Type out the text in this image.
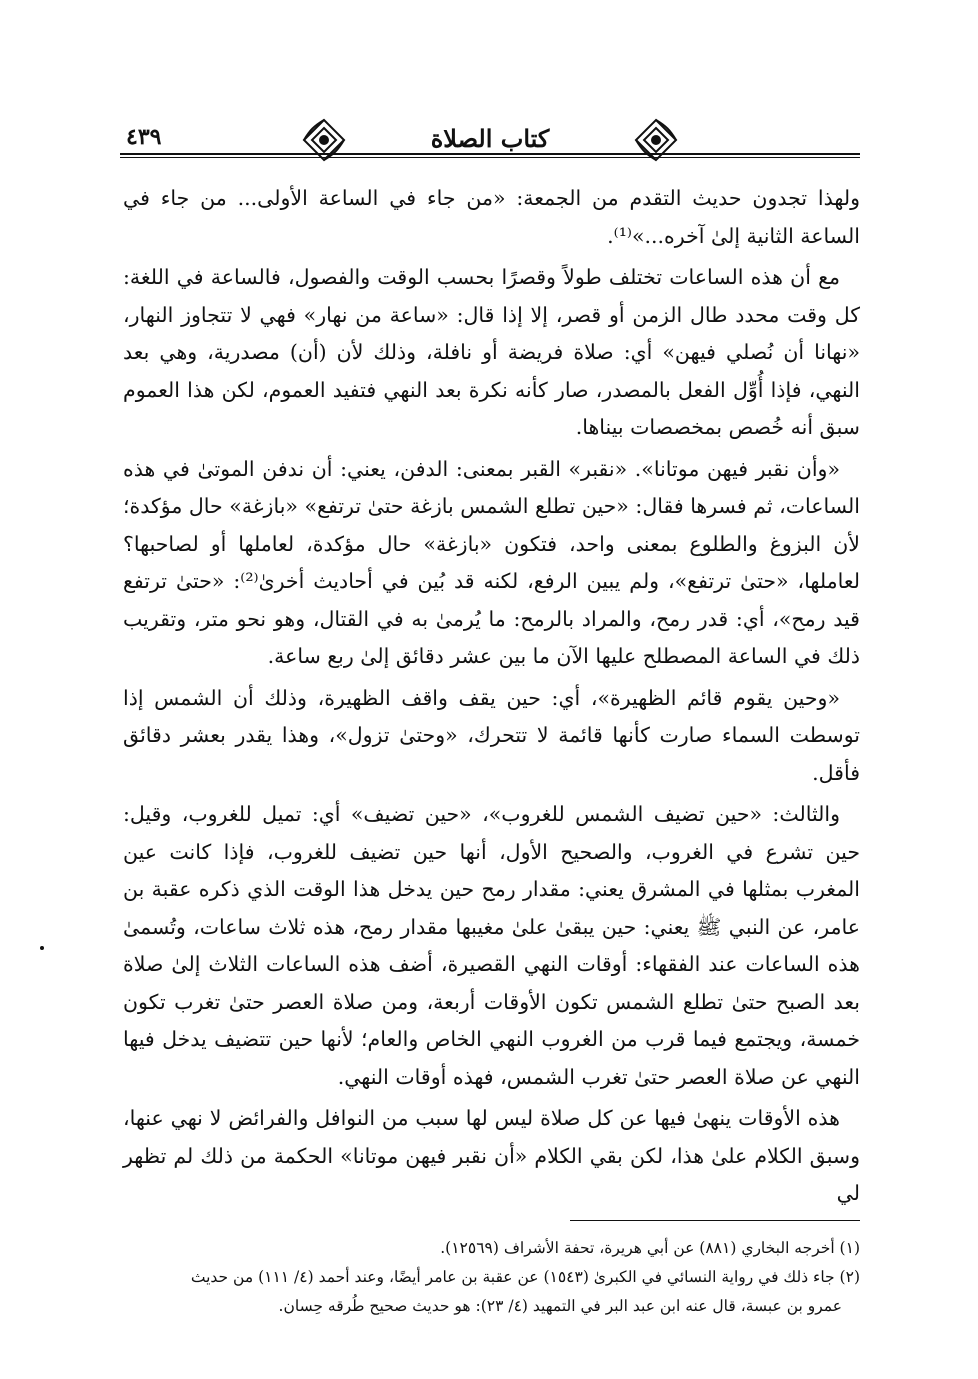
٤٣٩	كتاب الصلاة

ولهذا تجدون حديث التقدم من الجمعة: «من جاء في الساعة الأولى... من جاء في الساعة الثانية إلىٰ آخره...»⁽¹⁾.

مع أن هذه الساعات تختلف طولاً وقصرًا بحسب الوقت والفصول، فالساعة في اللغة: كل وقت محدد طال الزمن أو قصر، إلا إذا قال: «ساعة من نهار» فهي لا تتجاوز النهار، «نهانا أن نُصلي فيهن» أي: صلاة فريضة أو نافلة، وذلك لأن (أن) مصدرية، وهي بعد النهي، فإذا أُوِّل الفعل بالمصدر، صار كأنه نكرة بعد النهي فتفيد العموم، لكن هذا العموم سبق أنه خُصص بمخصصات بيناها.

«وأن نقبر فيهن موتانا». «نقبر» القبر بمعنى: الدفن، يعني: أن ندفن الموتىٰ في هذه الساعات، ثم فسرها فقال: «حين تطلع الشمس بازغة حتىٰ ترتفع» «بازغة» حال مؤكدة؛ لأن البزوغ والطلوع بمعنى واحد، فتكون «بازغة» حال مؤكدة، لعاملها أو لصاحبها؟ لعاملها، «حتىٰ ترتفع»، ولم يبين الرفع، لكنه قد بُين في أحاديث أخرىٰ⁽²⁾: «حتىٰ ترتفع قيد رمح»، أي: قدر رمح، والمراد بالرمح: ما يُرمىٰ به في القتال، وهو نحو متر، وتقريب ذلك في الساعة المصطلح عليها الآن ما بين عشر دقائق إلىٰ ربع ساعة.

«وحين يقوم قائم الظهيرة»، أي: حين يقف واقف الظهيرة، وذلك أن الشمس إذا توسطت السماء صارت كأنها قائمة لا تتحرك، «وحتىٰ تزول»، وهذا يقدر بعشر دقائق فأقل.

والثالث: «حين تضيف الشمس للغروب»، «حين تضيف» أي: تميل للغروب، وقيل: حين تشرع في الغروب، والصحيح الأول، أنها حين تضيف للغروب، فإذا كانت عين المغرب بمثلها في المشرق يعني: مقدار رمح حين يدخل هذا الوقت الذي ذكره عقبة بن عامر، عن النبي ﷺ يعني: حين يبقىٰ علىٰ مغيبها مقدار رمح، هذه ثلاث ساعات، وتُسمىٰ هذه الساعات عند الفقهاء: أوقات النهي القصيرة، أضف هذه الساعات الثلاث إلىٰ صلاة بعد الصبح حتىٰ تطلع الشمس تكون الأوقات أربعة، ومن صلاة العصر حتىٰ تغرب تكون خمسة، ويجتمع فيما قرب من الغروب النهي الخاص والعام؛ لأنها حين تتضيف يدخل فيها النهي عن صلاة العصر حتىٰ تغرب الشمس، فهذه أوقات النهي.

هذه الأوقات ينهىٰ فيها عن كل صلاة ليس لها سبب من النوافل والفرائض لا نهي عنها، وسبق الكلام علىٰ هذا، لكن بقي الكلام «أن نقبر فيهن موتانا» الحكمة من ذلك لم تظهر لي

(١) أخرجه البخاري (٨٨١) عن أبي هريرة، تحفة الأشراف (١٢٥٦٩).

(٢) جاء ذلك في رواية النسائي في الكبرىٰ (١٥٤٣) عن عقبة بن عامر أيضًا، وعند أحمد (٤/ ١١١) من حديث

عمرو بن عبسة، قال عنه ابن عبد البر في التمهيد (٤/ ٢٣): هو حديث صحيح طُرقه حِسان.
